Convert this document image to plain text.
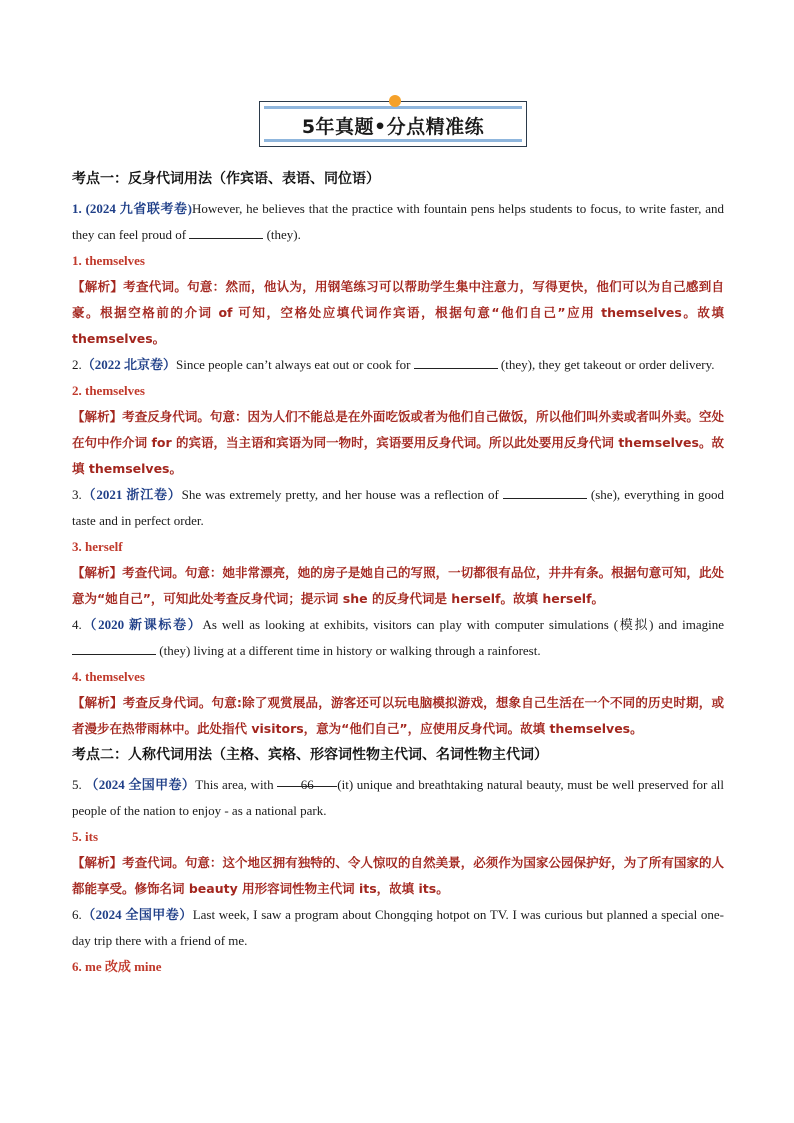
5年真题•分点精准练

考点一：反身代词用法（作宾语、表语、同位语）

1. (2024 九省联考卷)However, he believes that the practice with fountain pens helps students to focus, to write faster, and they can feel proud of	(they).

1. themselves

【解析】考查代词。句意：然而，他认为，用钢笔练习可以帮助学生集中注意力，写得更快，他们可以为自己感到自豪。根据空格前的介词 of 可知，空格处应填代词作宾语，根据句意“他们自己”应用 themselves。故填 themselves。

2.（2022 北京卷）Since people can’t always eat out or cook for	(they), they get takeout or order delivery.

2. themselves

【解析】考查反身代词。句意：因为人们不能总是在外面吃饭或者为他们自己做饭，所以他们叫外卖或者叫外卖。空处在句中作介词 for 的宾语，当主语和宾语为同一物时，宾语要用反身代词。所以此处要用反身代词 themselves。故填 themselves。

3.（2021 浙江卷）She was extremely pretty, and her house was a reflection of	(she), everything in good taste and in perfect order.

3. herself

【解析】考查代词。句意：她非常漂亮，她的房子是她自己的写照，一切都很有品位，井井有条。根据句意可知，此处意为“她自己”，可知此处考查反身代词；提示词 she 的反身代词是 herself。故填 herself。

4.（2020 新课标卷）As well as looking at exhibits, visitors can play with computer simulations (模拟) and imagine  (they) living at a different time in history or walking through a rainforest.

4. themselves

【解析】考查反身代词。句意:除了观赏展品，游客还可以玩电脑模拟游戏，想象自己生活在一个不同的历史时期，或者漫步在热带雨林中。此处指代 visitors，意为“他们自己”，应使用反身代词。故填 themselves。

考点二：人称代词用法（主格、宾格、形容词性物主代词、名词性物主代词）

5. （2024 全国甲卷）This area, with 66 (it) unique and breathtaking natural beauty, must be well preserved for all people of the nation to enjoy - as a national park.

5. its

【解析】考查代词。句意：这个地区拥有独特的、令人惊叹的自然美景，必须作为国家公园保护好，为了所有国家的人都能享受。修饰名词 beauty 用形容词性物主代词 its，故填 its。

6.（2024 全国甲卷）Last week, I saw a program about Chongqing hotpot on TV. I was curious but planned a special one-day trip there with a friend of me.

6. me 改成 mine
